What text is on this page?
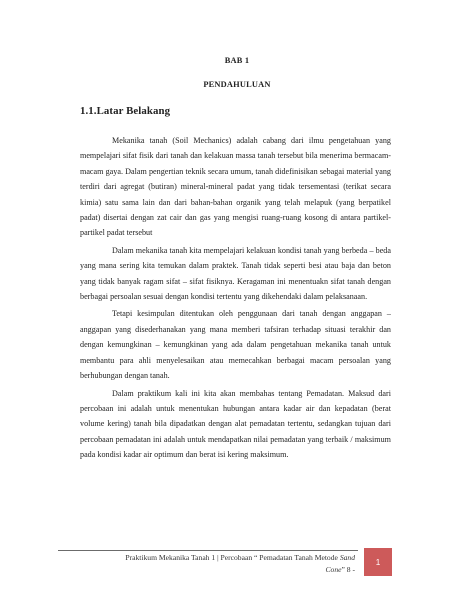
BAB 1
PENDAHULUAN
1.1.Latar Belakang

Mekanika tanah (Soil Mechanics) adalah cabang dari ilmu pengetahuan yang mempelajari sifat fisik dari tanah dan kelakuan massa tanah tersebut bila menerima bermacam-macam gaya. Dalam pengertian teknik secara umum, tanah didefinisikan sebagai material yang terdiri dari agregat (butiran) mineral-mineral padat yang tidak tersementasi (terikat secara kimia) satu sama lain dan dari bahan-bahan organik yang telah melapuk (yang berpatikel padat) disertai dengan zat cair dan gas yang mengisi ruang-ruang kosong di antara partikel-partikel padat tersebut

Dalam mekanika tanah kita mempelajari kelakuan kondisi tanah yang berbeda – beda yang mana sering kita temukan dalam praktek. Tanah tidak seperti besi atau baja dan beton yang tidak banyak ragam sifat – sifat fisiknya. Keragaman ini menentuakn sifat tanah dengan berbagai persoalan sesuai dengan kondisi tertentu yang dikehendaki dalam pelaksanaan.

Tetapi kesimpulan ditentukan oleh penggunaan dari tanah dengan anggapan – anggapan yang disederhanakan yang mana memberi tafsiran terhadap situasi terakhir dan dengan kemungkinan – kemungkinan yang ada dalam pengetahuan mekanika tanah untuk membantu para ahli menyelesaikan atau memecahkan berbagai macam persoalan yang berhubungan dengan tanah.

Dalam praktikum kali ini kita akan membahas tentang Pemadatan. Maksud dari percobaan ini adalah untuk menentukan hubungan antara kadar air dan kepadatan (berat volume kering) tanah bila dipadatkan dengan alat pemadatan tertentu, sedangkan tujuan dari percobaan pemadatan ini adalah untuk mendapatkan nilai pemadatan yang terbaik / maksimum pada kondisi kadar air optimum dan berat isi kering maksimum.

Praktikum Mekanika Tanah 1 | Percobaan “ Pemadatan Tanah Metode Sand
Cone” 8 -
1
